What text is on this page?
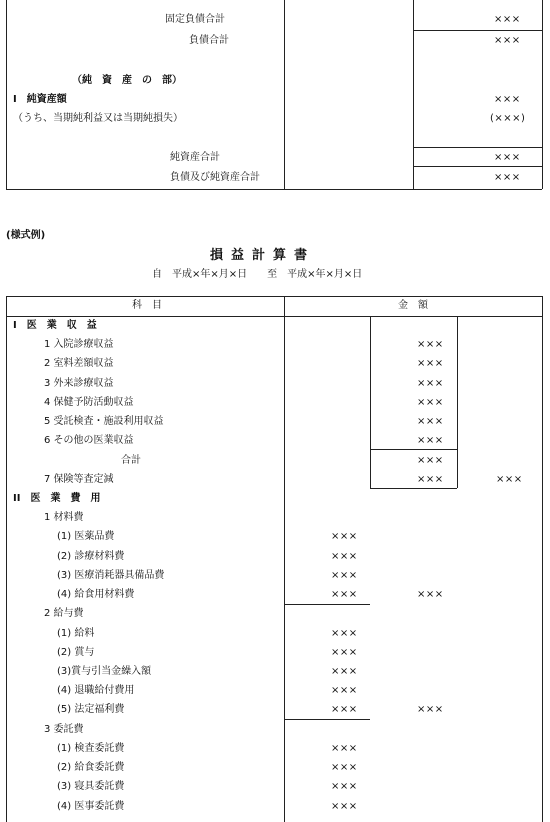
固定負債合計	×××
負債合計	×××
（純　資　産　の　部）
I　純資産額	×××
（うち、当期純利益又は当期純損失）	(×××)
純資産合計	×××
負債及び純資産合計	×××
(様式例)
損益計算書
自　平成×年×月×日　　至　平成×年×月×日
科　目	金　額
I　医　業　収　益
1 入院診療収益	×××
2 室料差額収益	×××
3 外来診療収益	×××
4 保健予防活動収益	×××
5 受託検査・施設利用収益	×××
6 その他の医業収益	×××
合計	×××
7 保険等査定減	×××	×××
II　医　業　費　用
1 材料費
(1) 医薬品費	×××
(2) 診療材料費	×××
(3) 医療消耗器具備品費	×××
(4) 給食用材料費	×××	×××
2 給与費
(1) 給料	×××
(2) 賞与	×××
(3)賞与引当金繰入額	×××
(4) 退職給付費用	×××
(5) 法定福利費	×××	×××
3 委託費
(1) 検査委託費	×××
(2) 給食委託費	×××
(3) 寝具委託費	×××
(4) 医事委託費	×××
